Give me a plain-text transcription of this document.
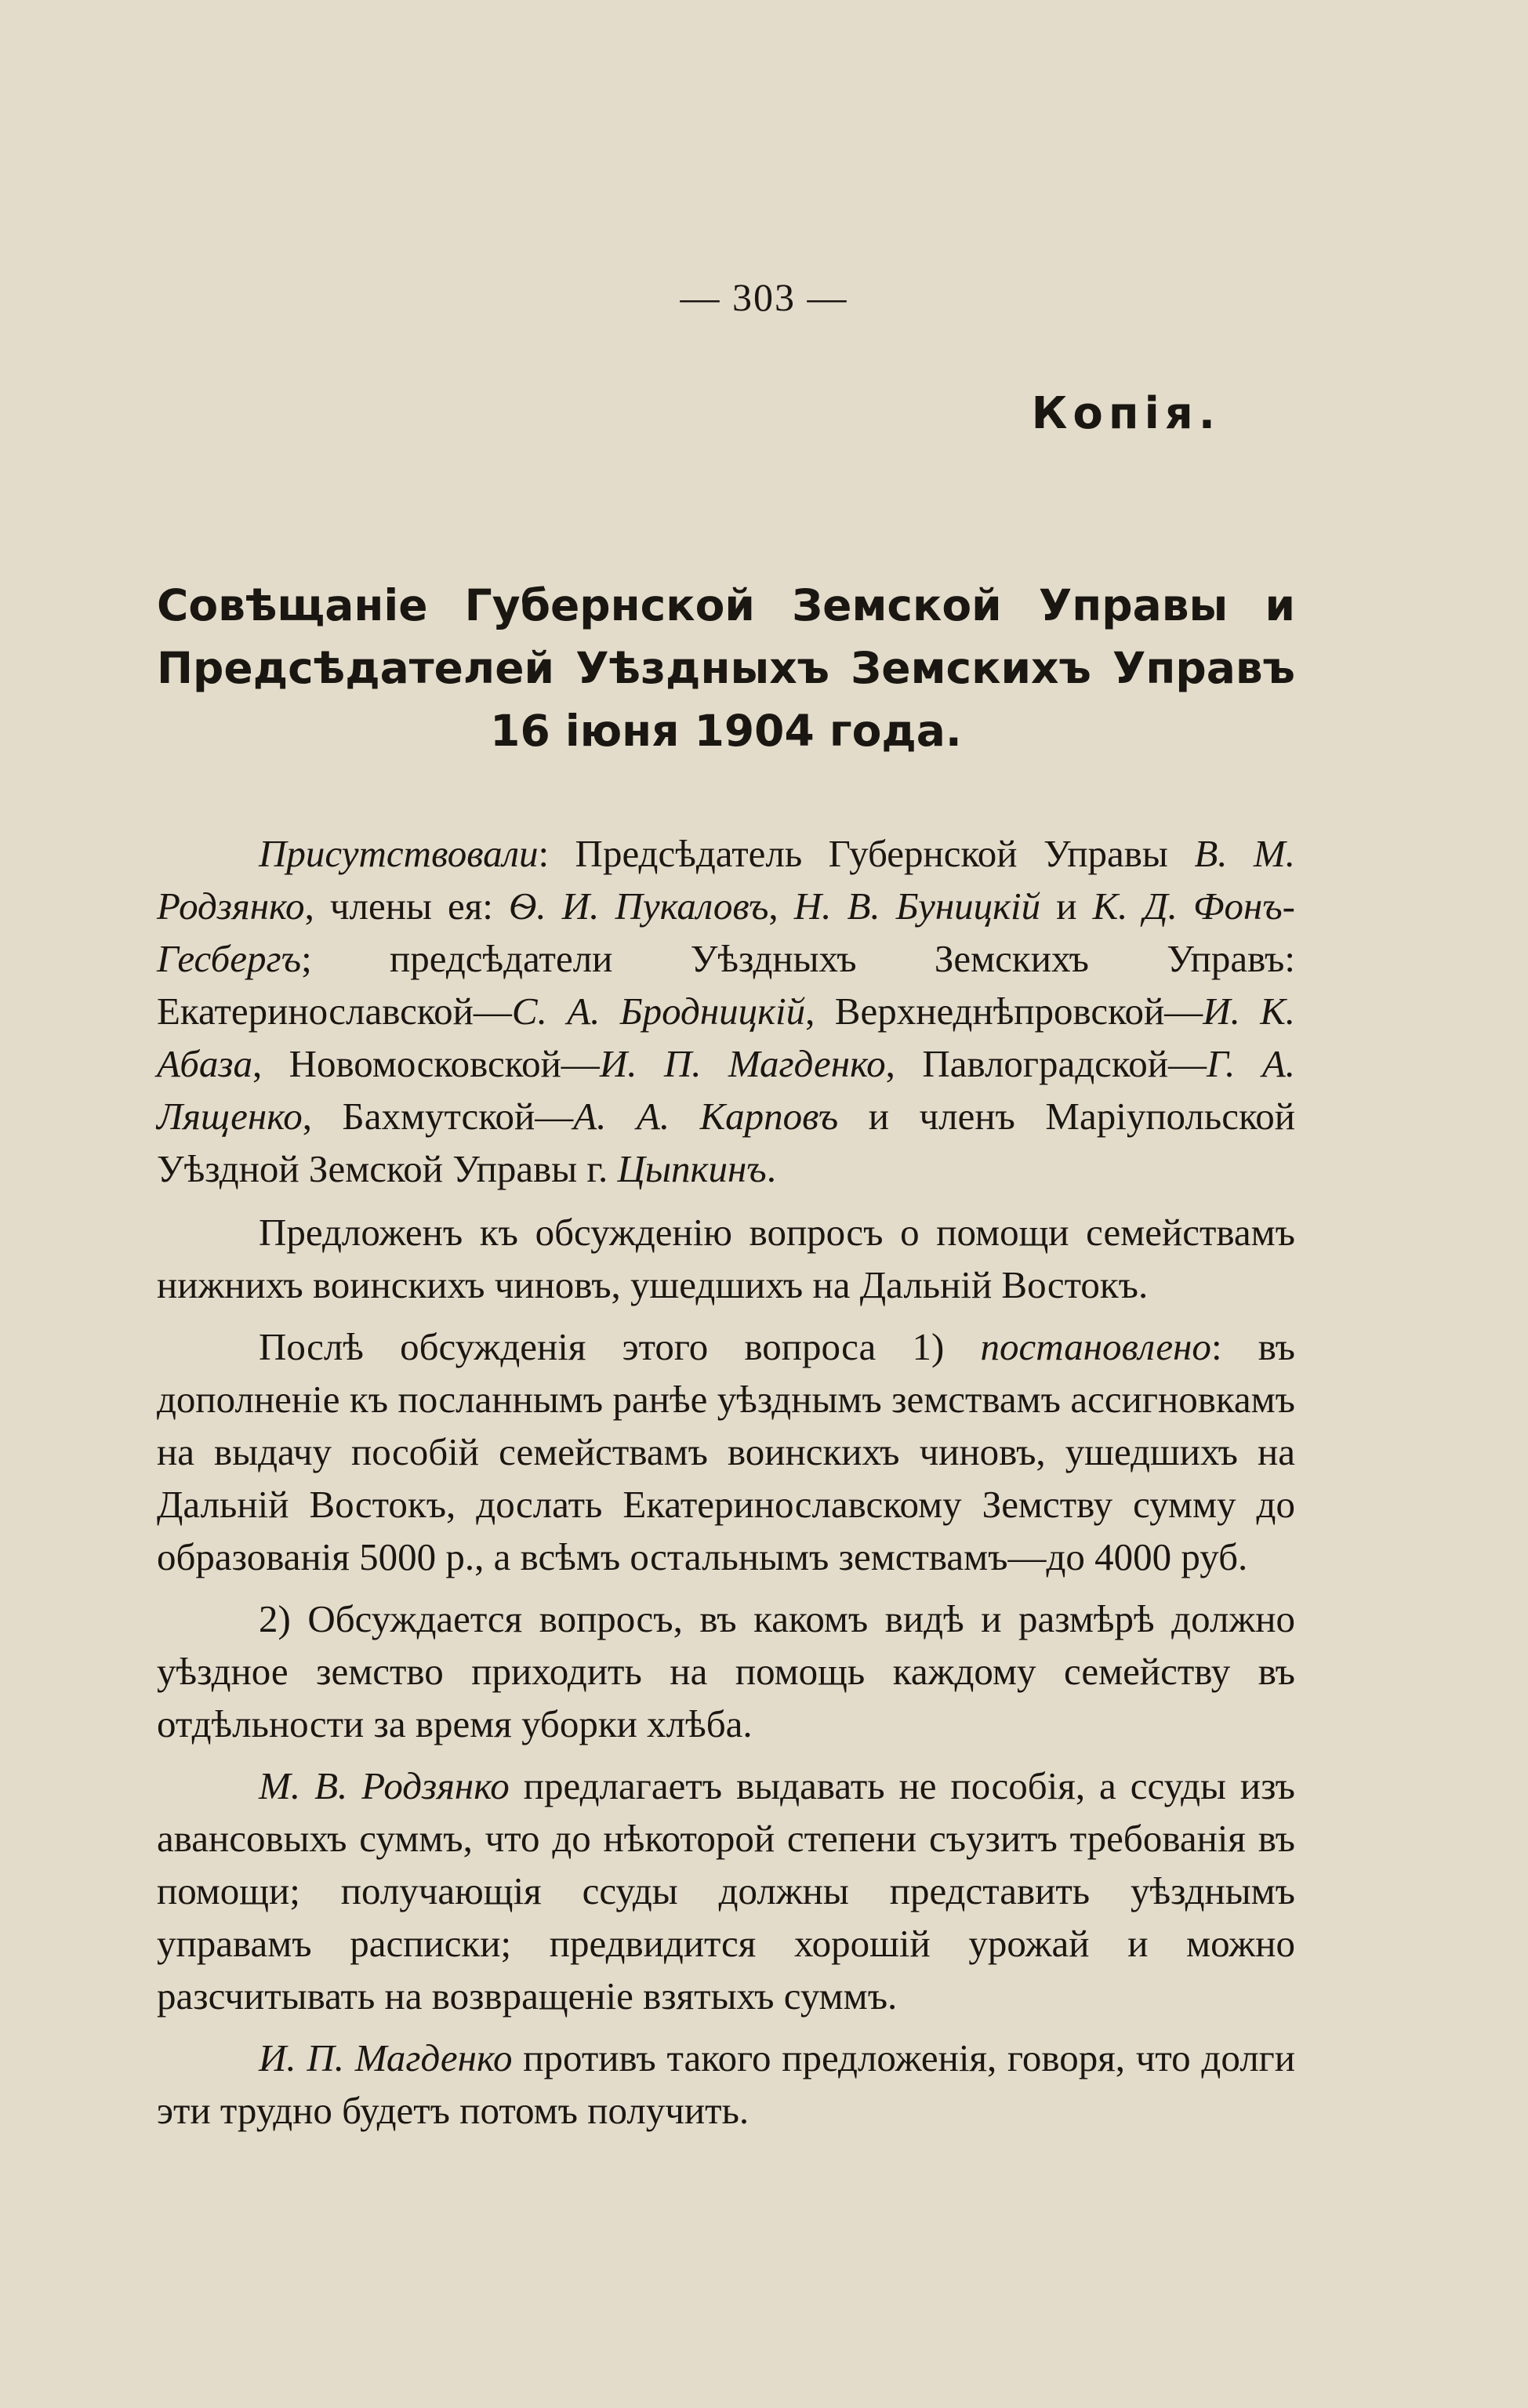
— 303 —
Копія.
Совѣщаніе Губернской Земской Управы и Предсѣдателей Уѣздныхъ Земскихъ Управъ 16 іюня 1904 года.

Присутствовали: Предсѣдатель Губернской Управы В. М. Родзянко, члены ея: Ѳ. И. Пукаловъ, Н. В. Буницкій и К. Д. Фонъ-Гесбергъ; предсѣдатели Уѣздныхъ Земскихъ Управъ: Екатеринославской—С. А. Бродницкій, Верхнеднѣпровской—И. К. Абаза, Новомосковской—И. П. Магденко, Павлоградской—Г. А. Лященко, Бахмутской—А. А. Карповъ и членъ Маріупольской Уѣздной Земской Управы г. Цыпкинъ.

Предложенъ къ обсужденію вопросъ о помощи семействамъ нижнихъ воинскихъ чиновъ, ушедшихъ на Дальній Востокъ.

Послѣ обсужденія этого вопроса 1) постановлено: въ дополненіе къ посланнымъ ранѣе уѣзднымъ земствамъ ассигновкамъ на выдачу пособій семействамъ воинскихъ чиновъ, ушедшихъ на Дальній Востокъ, дослать Екатеринославскому Земству сумму до образованія 5000 р., а всѣмъ остальнымъ земствамъ—до 4000 руб.

2) Обсуждается вопросъ, въ какомъ видѣ и размѣрѣ должно уѣздное земство приходить на помощь каждому семейству въ отдѣльности за время уборки хлѣба.

М. В. Родзянко предлагаетъ выдавать не пособія, а ссуды изъ авансовыхъ суммъ, что до нѣкоторой степени съузитъ требованія въ помощи; получающія ссуды должны представить уѣзднымъ управамъ расписки; предвидится хорошій урожай и можно разсчитывать на возвращеніе взятыхъ суммъ.

И. П. Магденко противъ такого предложенія, говоря, что долги эти трудно будетъ потомъ получить.
